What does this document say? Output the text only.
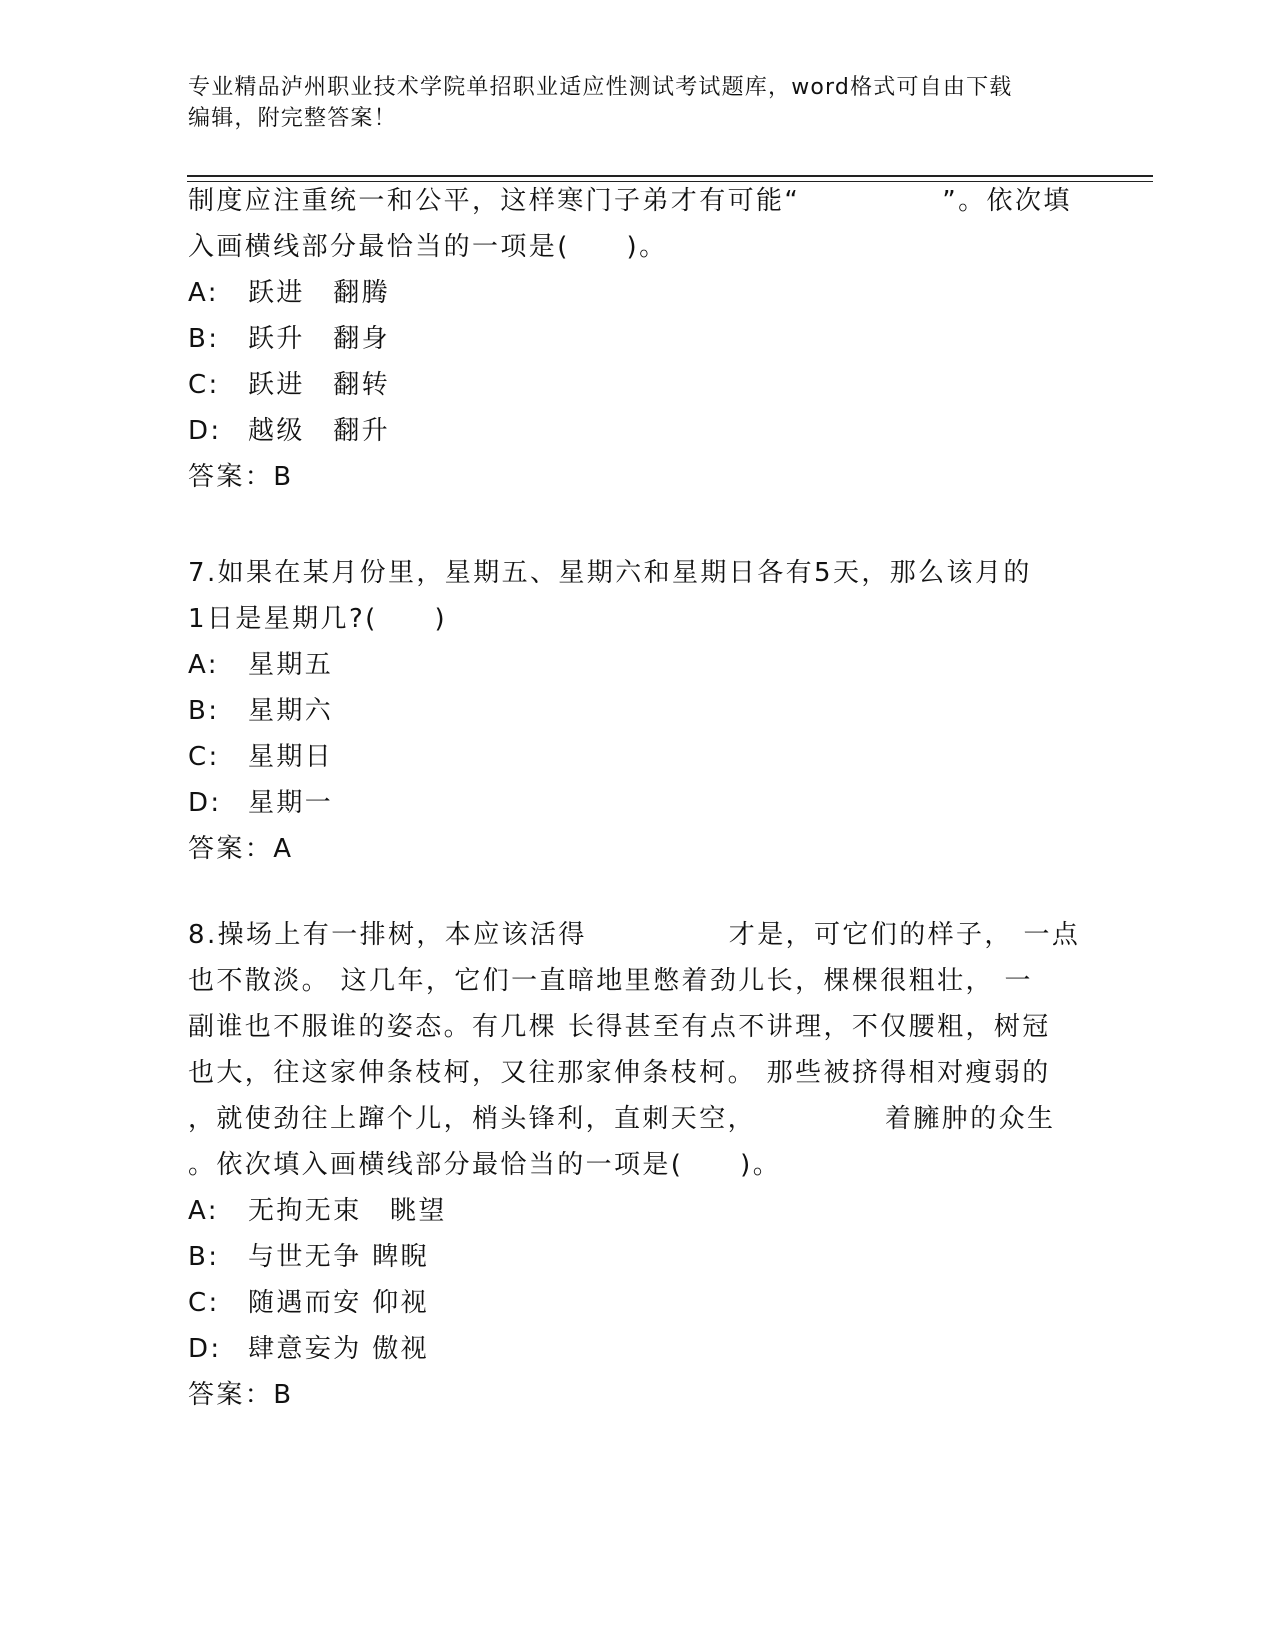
专业精品泸州职业技术学院单招职业适应性测试考试题库，word格式可自由下载
编辑，附完整答案！
制度应注重统一和公平，这样寒门子弟才有可能“　　　　　”。依次填
入画横线部分最恰当的一项是(　　)。
A: 跃进　翻腾
B: 跃升　翻身
C: 跃进　翻转
D: 越级　翻升
答案：B
7.如果在某月份里，星期五、星期六和星期日各有5天，那么该月的
1日是星期几?(　　)
A: 星期五
B: 星期六
C: 星期日
D: 星期一
答案：A
8.操场上有一排树，本应该活得　　　　　才是，可它们的样子， 一点
也不散淡。 这几年，它们一直暗地里憋着劲儿长，棵棵很粗壮， 一
副谁也不服谁的姿态。有几棵 长得甚至有点不讲理，不仅腰粗，树冠
也大，往这家伸条枝柯，又往那家伸条枝柯。 那些被挤得相对瘦弱的
，就使劲往上蹿个儿，梢头锋利，直刺天空，　　　　　着臃肿的众生
。依次填入画横线部分最恰当的一项是(　　)。
A: 无拘无束　眺望
B: 与世无争 睥睨
C: 随遇而安 仰视
D: 肆意妄为 傲视
答案：B
